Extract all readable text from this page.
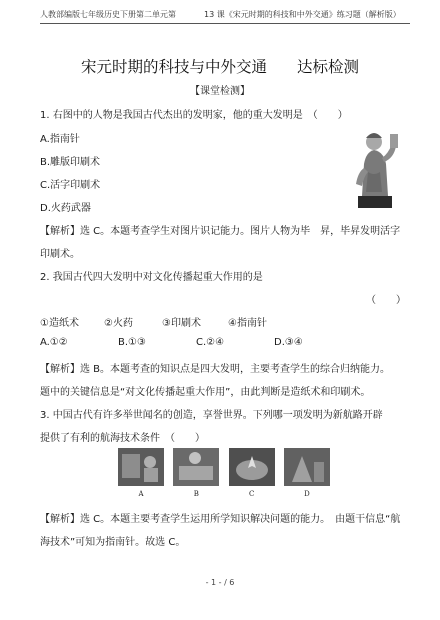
人教部编版七年级历史下册第二单元第	13 课《宋元时期的科技和中外交通》练习题（解析版）
宋元时期的科技与中外交通 达标检测
【课堂检测】
1. 右图中的人物是我国古代杰出的发明家，他的重大发明是　（　　）
A.指南针
B.雕版印刷术
C.活字印刷术
D.火药武器
【解析】选 C。本题考查学生对图片识记能力。图片人物为毕　昇，毕昇发明活字
印刷术。
2. 我国古代四大发明中对文化传播起重大作用的是
（　　）
①造纸术	②火药	③印刷术	④指南针
A.①②	B.①③	C.②④	D.③④
【解析】选 B。本题考查的知识点是四大发明，主要考查学生的综合归纳能力。
题中的关键信息是“对文化传播起重大作用”，由此判断是造纸术和印刷术。
3. 中国古代有许多举世闻名的创造，享誉世界。下列哪一项发明为新航路开辟
提供了有利的航海技术条件　（　　）
A	B	C	D
【解析】选 C。本题主要考查学生运用所学知识解决问题的能力。　由题干信息“航
海技术”可知为指南针。故选 C。
- 1 - / 6
